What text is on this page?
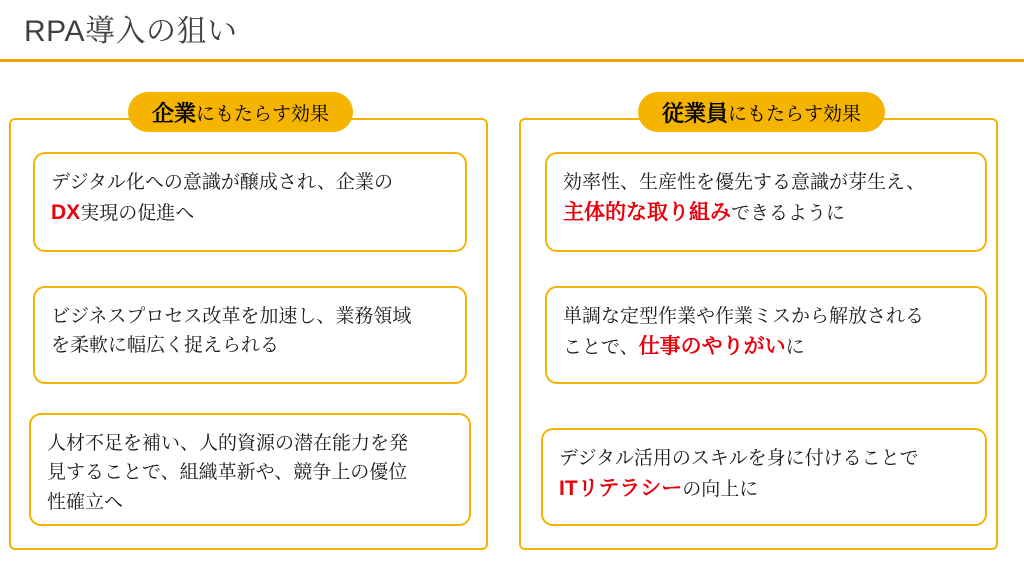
RPA導入の狙い
企業 にもたらす効果
デジタル化への意識が醸成され、企業の
DX実現の促進へ
ビジネスプロセス改革を加速し、業務領域
を柔軟に幅広く捉えられる
人材不足を補い、人的資源の潜在能力を発
見することで、組織革新や、競争上の優位
性確立へ
従業員 にもたらす効果
効率性、生産性を優先する意識が芽生え、
主体的な取り組みできるように
単調な定型作業や作業ミスから解放される
ことで、仕事のやりがいに
デジタル活用のスキルを身に付けることで
ITリテラシーの向上に
